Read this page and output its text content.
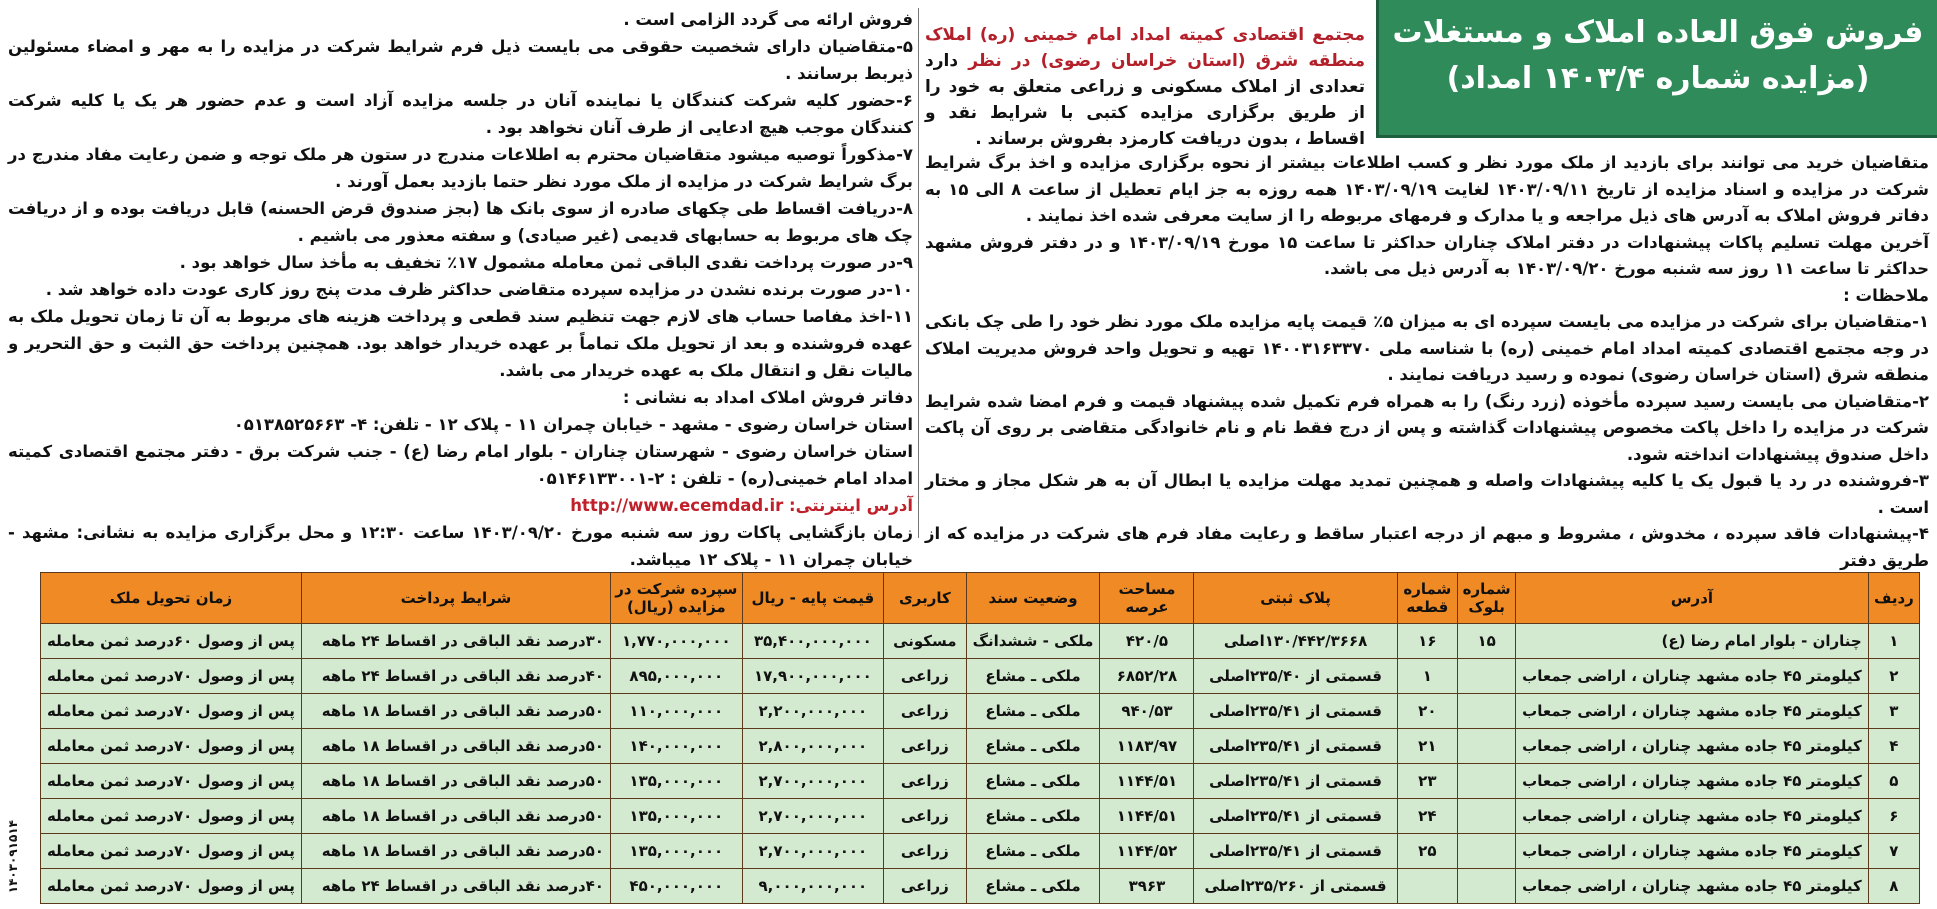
فروش فوق العاده املاک و مستغلات
(مزایده شماره ۱۴۰۳/۴ امداد)
مجتمع اقتصادی کمیته امداد امام خمینی (ره) املاک منطقه شرق (استان خراسان رضوی) در نظر دارد تعدادی از املاک مسکونی و زراعی متعلق به خود را از طریق برگزاری مزایده کتبی با شرایط نقد و اقساط ، بدون دریافت کارمزد بفروش برساند .

متقاضیان خرید می توانند برای بازدید از ملک مورد نظر و کسب اطلاعات بیشتر از نحوه برگزاری مزایده و اخذ برگ شرایط شرکت در مزایده و اسناد مزایده از تاریخ ۱۴۰۳/۰۹/۱۱ لغایت ۱۴۰۳/۰۹/۱۹ همه روزه به جز ایام تعطیل از ساعت ۸ الی ۱۵ به دفاتر فروش املاک به آدرس های ذیل مراجعه و یا مدارک و فرمهای مربوطه را از سایت معرفی شده اخذ نمایند .

آخرین مهلت تسلیم پاکات پیشنهادات در دفتر املاک چناران حداکثر تا ساعت ۱۵ مورخ ۱۴۰۳/۰۹/۱۹ و در دفتر فروش مشهد حداکثر تا ساعت ۱۱ روز سه شنبه مورخ ۱۴۰۳/۰۹/۲۰ به آدرس ذیل می باشد.

ملاحظات :

۱-متقاضیان برای شرکت در مزایده می بایست سپرده ای به میزان ۵٪ قیمت پایه مزایده ملک مورد نظر خود را طی چک بانکی در وجه مجتمع اقتصادی کمیته امداد امام خمینی (ره) با شناسه ملی ۱۴۰۰۳۱۶۳۳۷۰ تهیه و تحویل واحد فروش مدیریت املاک منطقه شرق (استان خراسان رضوی) نموده و رسید دریافت نمایند .

۲-متقاضیان می بایست رسید سپرده مأخوذه (زرد رنگ) را به همراه فرم تکمیل شده پیشنهاد قیمت و فرم امضا شده شرایط شرکت در مزایده را داخل پاکت مخصوص پیشنهادات گذاشته و پس از درج فقط نام و نام خانوادگی متقاضی بر روی آن پاکت داخل صندوق پیشنهادات انداخته شود.

۳-فروشنده در رد یا قبول یک یا کلیه پیشنهادات واصله و همچنین تمدید مهلت مزایده یا ابطال آن به هر شکل مجاز و مختار است .

۴-پیشنهادات فاقد سپرده ، مخدوش ، مشروط و مبهم از درجه اعتبار ساقط و رعایت مفاد فرم های شرکت در مزایده که از طریق دفتر

فروش ارائه می گردد الزامی است .

۵-متقاضیان دارای شخصیت حقوقی می بایست ذیل فرم شرایط شرکت در مزایده را به مهر و امضاء مسئولین ذیربط برسانند .

۶-حضور کلیه شرکت کنندگان یا نماینده آنان در جلسه مزایده آزاد است و عدم حضور هر یک یا کلیه شرکت کنندگان موجب هیچ ادعایی از طرف آنان نخواهد بود .

۷-مذکوراً توصیه میشود متقاضیان محترم به اطلاعات مندرج در ستون هر ملک توجه و ضمن رعایت مفاد مندرج در برگ شرایط شرکت در مزایده از ملک مورد نظر حتما بازدید بعمل آورند .

۸-دریافت اقساط طی چکهای صادره از سوی بانک ها (بجز صندوق قرض الحسنه) قابل دریافت بوده و از دریافت چک های مربوط به حسابهای قدیمی (غیر صیادی) و سفته معذور می باشیم .

۹-در صورت پرداخت نقدی الباقی ثمن معامله مشمول ۱۷٪ تخفیف به مأخذ سال خواهد بود .

۱۰-در صورت برنده نشدن در مزایده سپرده متقاضی حداکثر ظرف مدت پنج روز کاری عودت داده خواهد شد .

۱۱-اخذ مفاصا حساب های لازم جهت تنظیم سند قطعی و پرداخت هزینه های مربوط به آن تا زمان تحویل ملک به عهده فروشنده و بعد از تحویل ملک تماماً بر عهده خریدار خواهد بود. همچنین پرداخت حق الثبت و حق التحریر و مالیات نقل و انتقال ملک به عهده خریدار می باشد.

دفاتر فروش املاک امداد به نشانی :

استان خراسان رضوی - مشهد - خیابان چمران ۱۱ - پلاک ۱۲ - تلفن: ۴- ۰۵۱۳۸۵۲۵۶۶۳

استان خراسان رضوی - شهرستان چناران - بلوار امام رضا (ع) - جنب شرکت برق - دفتر مجتمع اقتصادی کمیته امداد امام خمینی(ره) - تلفن : ۲-۰۵۱۴۶۱۳۳۰۰۱

آدرس اینترنتی: http://www.ecemdad.ir

زمان بازگشایی پاکات روز سه شنبه مورخ ۱۴۰۳/۰۹/۲۰ ساعت ۱۲:۳۰ و محل برگزاری مزایده به نشانی: مشهد - خیابان چمران ۱۱ - پلاک ۱۲ میباشد.

ردیف	آدرس	شماره بلوک	شماره قطعه	پلاک ثبتی	مساحت عرصه	وضعیت سند	کاربری	قیمت پایه - ریال	سپرده شرکت در مزایده (ریال)	شرایط پرداخت	زمان تحویل ملک
۱	چناران - بلوار امام رضا (ع)	۱۵	۱۶	۱۳۰/۴۴۲/۳۶۶۸اصلی	۴۲۰/۵	ملکی - ششدانگ	مسکونی	۳۵,۴۰۰,۰۰۰,۰۰۰	۱,۷۷۰,۰۰۰,۰۰۰	۳۰درصد نقد الباقی در اقساط ۲۴ ماهه	پس از وصول ۶۰درصد ثمن معامله
۲	کیلومتر ۴۵ جاده مشهد چناران ، اراضی جمعاب		۱	قسمتی از ۲۳۵/۴۰اصلی	۶۸۵۲/۲۸	ملکی ـ مشاع	زراعی	۱۷,۹۰۰,۰۰۰,۰۰۰	۸۹۵,۰۰۰,۰۰۰	۴۰درصد نقد الباقی در اقساط ۲۴ ماهه	پس از وصول ۷۰درصد ثمن معامله
۳	کیلومتر ۴۵ جاده مشهد چناران ، اراضی جمعاب		۲۰	قسمتی از ۲۳۵/۴۱اصلی	۹۴۰/۵۳	ملکی ـ مشاع	زراعی	۲,۲۰۰,۰۰۰,۰۰۰	۱۱۰,۰۰۰,۰۰۰	۵۰درصد نقد الباقی در اقساط ۱۸ ماهه	پس از وصول ۷۰درصد ثمن معامله
۴	کیلومتر ۴۵ جاده مشهد چناران ، اراضی جمعاب		۲۱	قسمتی از ۲۳۵/۴۱اصلی	۱۱۸۳/۹۷	ملکی ـ مشاع	زراعی	۲,۸۰۰,۰۰۰,۰۰۰	۱۴۰,۰۰۰,۰۰۰	۵۰درصد نقد الباقی در اقساط ۱۸ ماهه	پس از وصول ۷۰درصد ثمن معامله
۵	کیلومتر ۴۵ جاده مشهد چناران ، اراضی جمعاب		۲۳	قسمتی از ۲۳۵/۴۱اصلی	۱۱۴۴/۵۱	ملکی ـ مشاع	زراعی	۲,۷۰۰,۰۰۰,۰۰۰	۱۳۵,۰۰۰,۰۰۰	۵۰درصد نقد الباقی در اقساط ۱۸ ماهه	پس از وصول ۷۰درصد ثمن معامله
۶	کیلومتر ۴۵ جاده مشهد چناران ، اراضی جمعاب		۲۴	قسمتی از ۲۳۵/۴۱اصلی	۱۱۴۴/۵۱	ملکی ـ مشاع	زراعی	۲,۷۰۰,۰۰۰,۰۰۰	۱۳۵,۰۰۰,۰۰۰	۵۰درصد نقد الباقی در اقساط ۱۸ ماهه	پس از وصول ۷۰درصد ثمن معامله
۷	کیلومتر ۴۵ جاده مشهد چناران ، اراضی جمعاب		۲۵	قسمتی از ۲۳۵/۴۱اصلی	۱۱۴۴/۵۲	ملکی ـ مشاع	زراعی	۲,۷۰۰,۰۰۰,۰۰۰	۱۳۵,۰۰۰,۰۰۰	۵۰درصد نقد الباقی در اقساط ۱۸ ماهه	پس از وصول ۷۰درصد ثمن معامله
۸	کیلومتر ۴۵ جاده مشهد چناران ، اراضی جمعاب			قسمتی از ۲۳۵/۲۶۰اصلی	۳۹۶۳	ملکی ـ مشاع	زراعی	۹,۰۰۰,۰۰۰,۰۰۰	۴۵۰,۰۰۰,۰۰۰	۴۰درصد نقد الباقی در اقساط ۲۴ ماهه	پس از وصول ۷۰درصد ثمن معامله
۱۴۰۳۰۹۱۵۱۴
